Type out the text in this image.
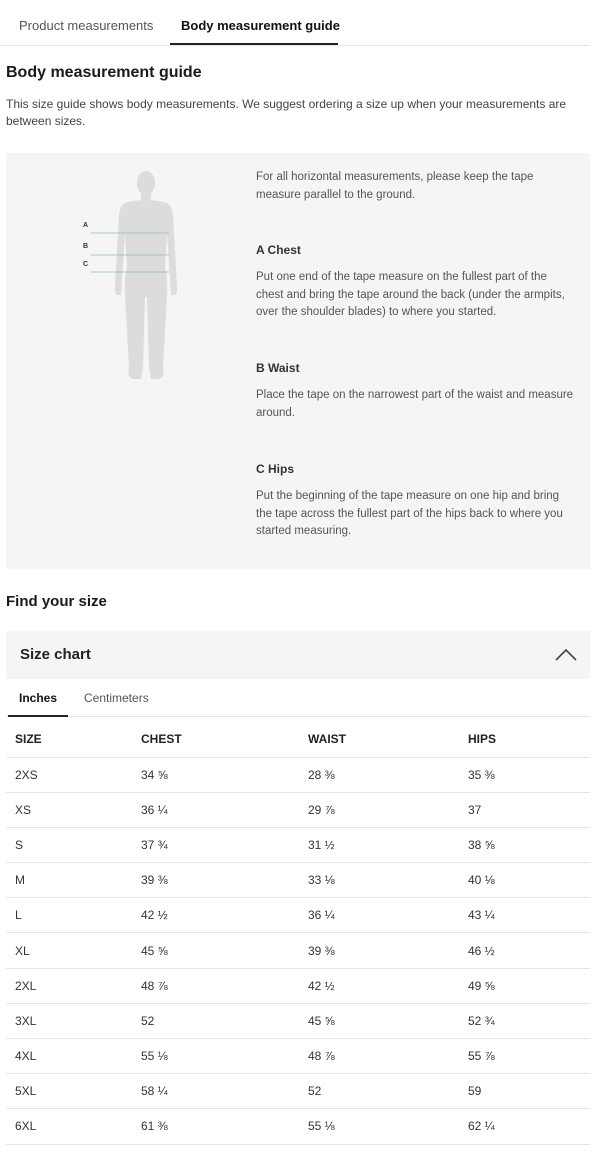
Product measurements Body measurement guide
Body measurement guide

This size guide shows body measurements. We suggest ordering a size up when your measurements are between sizes.

A
B
C

For all horizontal measurements, please keep the tape measure parallel to the ground.

A Chest

Put one end of the tape measure on the fullest part of the chest and bring the tape around the back (under the armpits, over the shoulder blades) to where you started.

B Waist

Place the tape on the narrowest part of the waist and measure around.

C Hips

Put the beginning of the tape measure on one hip and bring the tape across the fullest part of the hips back to where you started measuring.

Find your size
Size chart
Inches Centimeters
SIZE	CHEST	WAIST	HIPS
2XS	34 ⅝	28 ⅜	35 ⅜
XS	36 ¼	29 ⅞	37
S	37 ¾	31 ½	38 ⅝
M	39 ⅜	33 ⅛	40 ⅛
L	42 ½	36 ¼	43 ¼
XL	45 ⅝	39 ⅜	46 ½
2XL	48 ⅞	42 ½	49 ⅝
3XL	52	45 ⅝	52 ¾
4XL	55 ⅛	48 ⅞	55 ⅞
5XL	58 ¼	52	59
6XL	61 ⅜	55 ⅛	62 ¼
